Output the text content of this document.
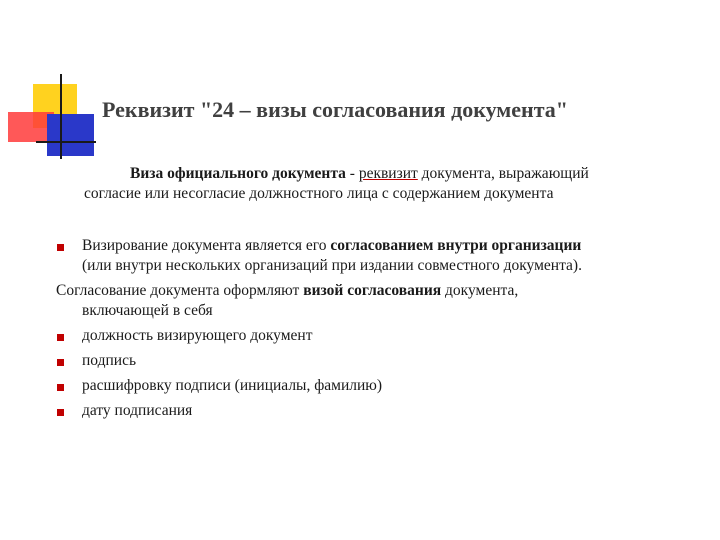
Реквизит "24 – визы согласования документа"
Виза официального документа - реквизит документа, выражающий
согласие или несогласие должностного лица с содержанием документа
Визирование документа является его согласованием внутри организации
(или внутри нескольких организаций при издании совместного документа).
Согласование документа оформляют визой согласования документа,
включающей в себя
должность визирующего документ
подпись
расшифровку подписи (инициалы, фамилию)
дату подписания
